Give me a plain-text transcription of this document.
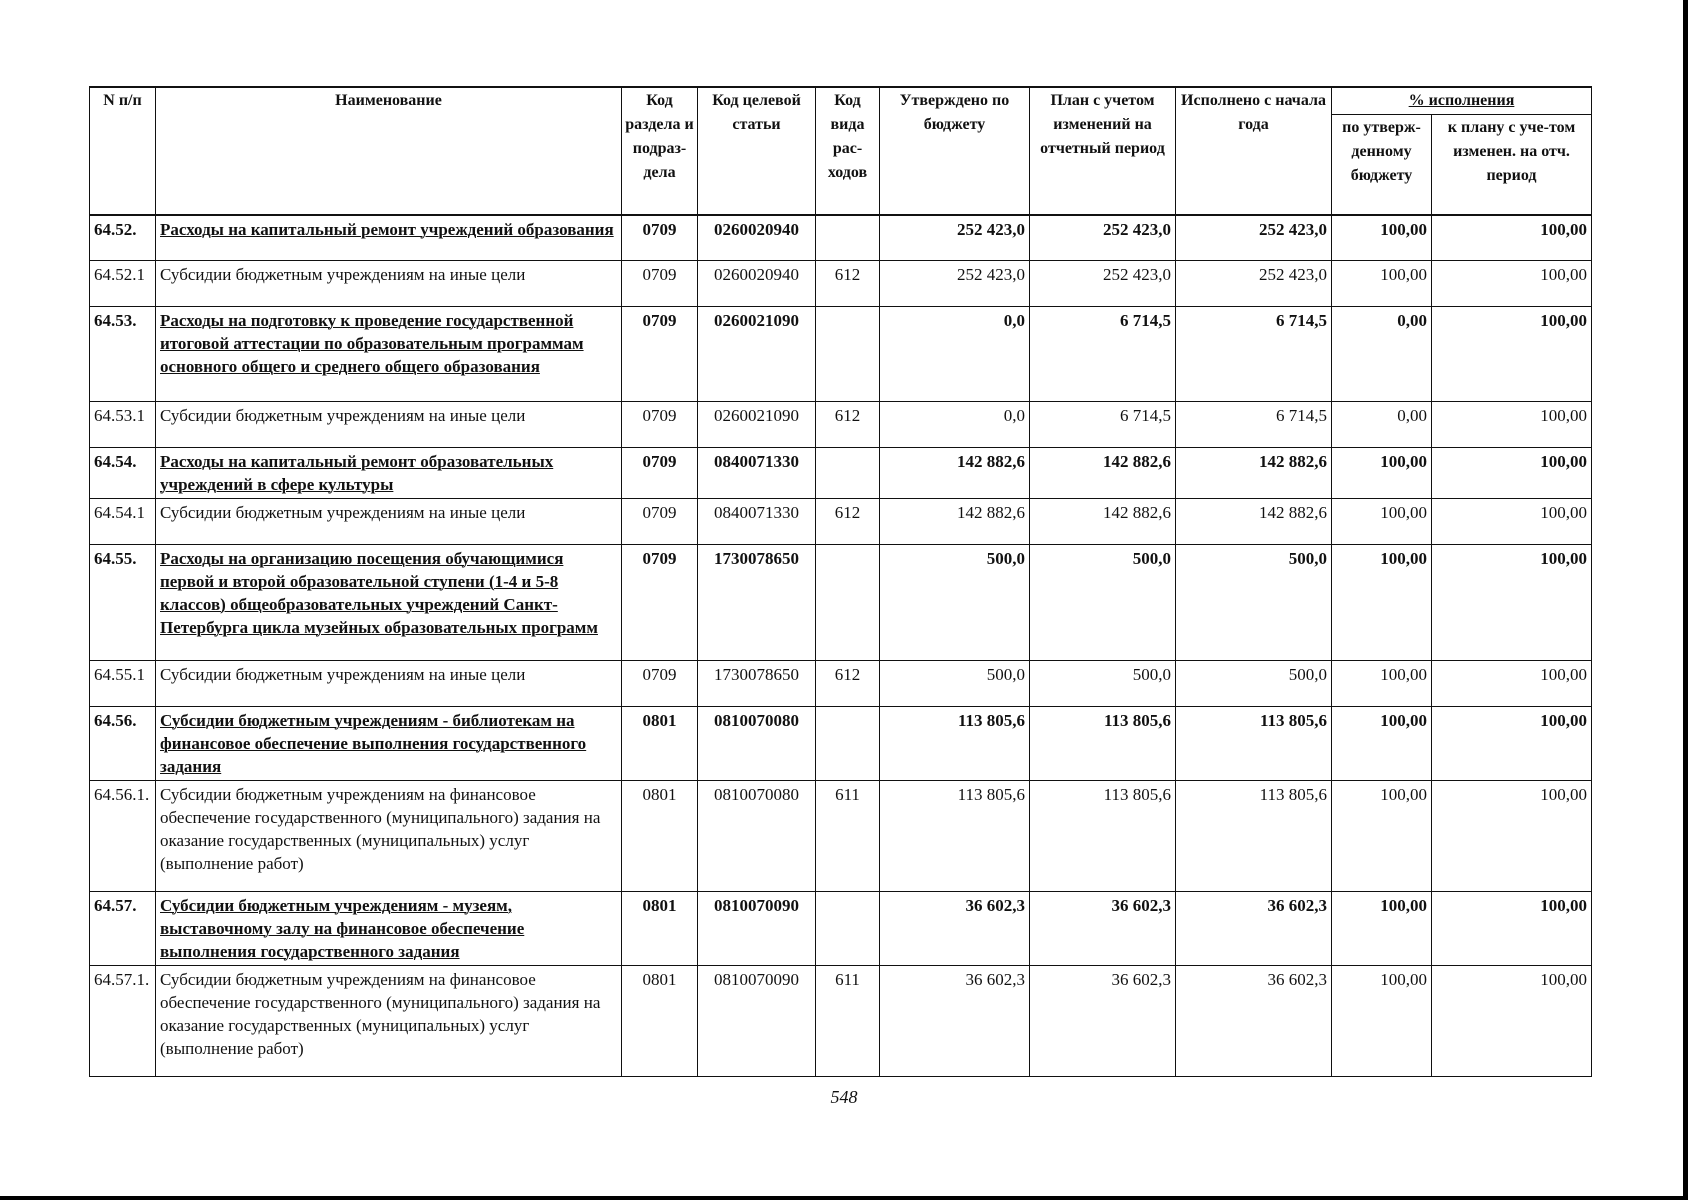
N п/п	Наименование	Код раздела и подраз-дела	Код целевой статьи	Код вида рас-ходов	Утверждено по бюджету	План с учетом изменений на отчетный период	Исполнено с начала года	% исполнения	
								по утверж-денному бюджету	к плану с уче-том изменен. на отч. период
64.52.	Расходы на капитальный ремонт учреждений образования	0709	0260020940		252 423,0	252 423,0	252 423,0	100,00	100,00
64.52.1	Субсидии бюджетным учреждениям на иные цели	0709	0260020940	612	252 423,0	252 423,0	252 423,0	100,00	100,00
64.53.	Расходы на подготовку к проведение государственной итоговой аттестации по образовательным программам основного общего и среднего общего образования	0709	0260021090		0,0	6 714,5	6 714,5	0,00	100,00
64.53.1	Субсидии бюджетным учреждениям на иные цели	0709	0260021090	612	0,0	6 714,5	6 714,5	0,00	100,00
64.54.	Расходы на капитальный ремонт образовательных учреждений в сфере культуры	0709	0840071330		142 882,6	142 882,6	142 882,6	100,00	100,00
64.54.1	Субсидии бюджетным учреждениям на иные цели	0709	0840071330	612	142 882,6	142 882,6	142 882,6	100,00	100,00
64.55.	Расходы на организацию посещения обучающимися первой и второй образовательной ступени (1-4 и 5-8 классов) общеобразовательных учреждений Санкт-Петербурга цикла музейных образовательных программ	0709	1730078650		500,0	500,0	500,0	100,00	100,00
64.55.1	Субсидии бюджетным учреждениям на иные цели	0709	1730078650	612	500,0	500,0	500,0	100,00	100,00
64.56.	Субсидии бюджетным учреждениям - библиотекам на финансовое обеспечение выполнения государственного задания	0801	0810070080		113 805,6	113 805,6	113 805,6	100,00	100,00
64.56.1.	Субсидии бюджетным учреждениям на финансовое обеспечение государственного (муниципального) задания на оказание государственных (муниципальных) услуг (выполнение работ)	0801	0810070080	611	113 805,6	113 805,6	113 805,6	100,00	100,00
64.57.	Субсидии бюджетным учреждениям - музеям, выставочному залу на финансовое обеспечение выполнения государственного задания	0801	0810070090		36 602,3	36 602,3	36 602,3	100,00	100,00
64.57.1.	Субсидии бюджетным учреждениям на финансовое обеспечение государственного (муниципального) задания на оказание государственных (муниципальных) услуг (выполнение работ)	0801	0810070090	611	36 602,3	36 602,3	36 602,3	100,00	100,00
548
